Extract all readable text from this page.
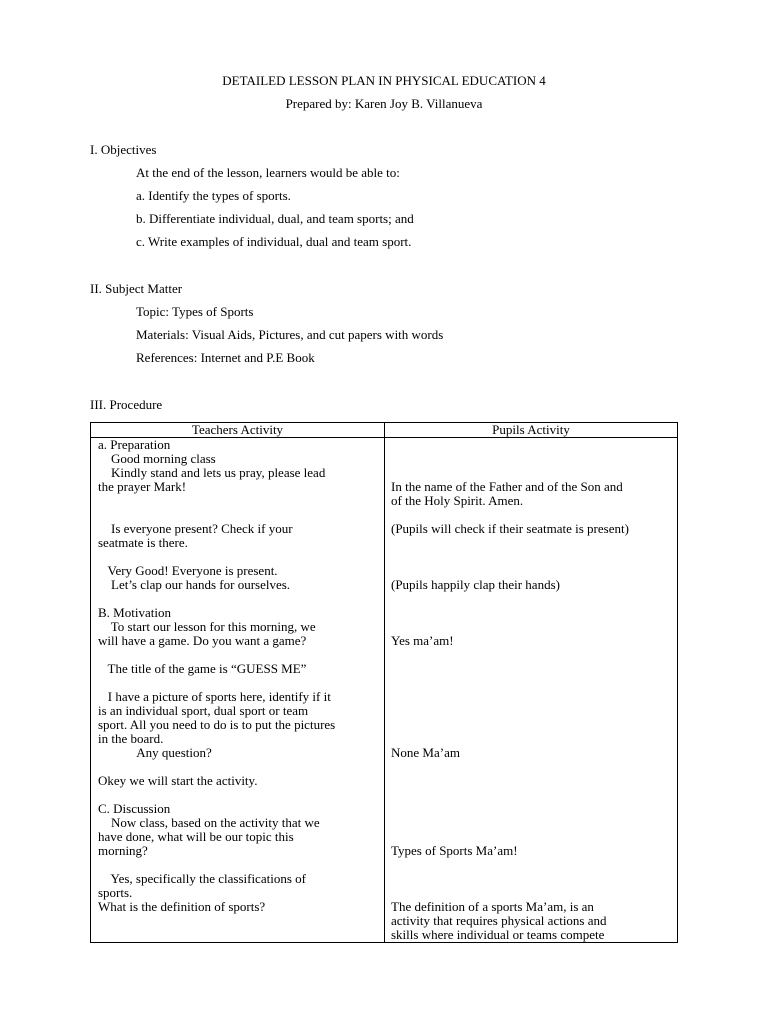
DETAILED LESSON PLAN IN PHYSICAL EDUCATION 4
Prepared by: Karen Joy B. Villanueva
I. Objectives
At the end of the lesson, learners would be able to:
a. Identify the types of sports.
b. Differentiate individual, dual, and team sports; and
c. Write examples of individual, dual and team sport.
II. Subject Matter
Topic: Types of Sports
Materials: Visual Aids, Pictures, and cut papers with words
References: Internet and P.E Book
III. Procedure
Teachers Activity	Pupils Activity
a. Preparation
Good morning class
Kindly stand and lets us pray, please lead
the prayer Mark!
Is everyone present? Check if your
seatmate is there.
Very Good! Everyone is present.
Let’s clap our hands for ourselves.
B. Motivation
To start our lesson for this morning, we
will have a game. Do you want a game?
The title of the game is “GUESS ME”
I have a picture of sports here, identify if it
is an individual sport, dual sport or team
sport. All you need to do is to put the pictures
in the board.
Any question?
Okey we will start the activity.
C. Discussion
Now class, based on the activity that we
have done, what will be our topic this
morning?
Yes, specifically the classifications of
sports.
What is the definition of sports?
In the name of the Father and of the Son and
of the Holy Spirit. Amen.
(Pupils will check if their seatmate is present)
(Pupils happily clap their hands)
Yes ma’am!
None Ma’am
Types of Sports Ma’am!
The definition of a sports Ma’am, is an
activity that requires physical actions and
skills where individual or teams compete
